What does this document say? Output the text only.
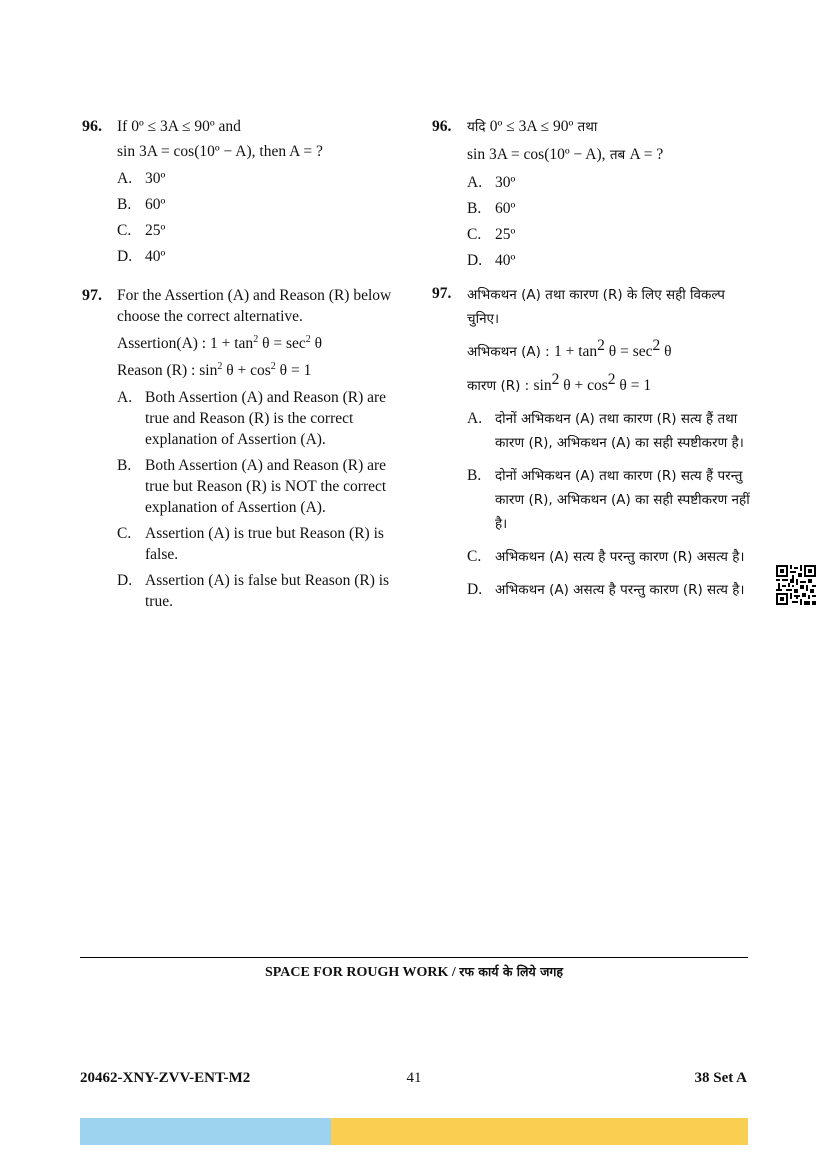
96. If 0º ≤ 3A ≤ 90º and
sin 3A = cos(10º − A), then A = ?
A. 30º
B. 60º
C. 25º
D. 40º
97. For the Assertion (A) and Reason (R) below choose the correct alternative.
Assertion(A) : $1 + \tan^2 \theta = \sec^2 \theta$
Reason (R) : $\sin^2 \theta + \cos^2 \theta = 1$
A. Both Assertion (A) and Reason (R) are true and Reason (R) is the correct explanation of Assertion (A).
B. Both Assertion (A) and Reason (R) are true but Reason (R) is NOT the correct explanation of Assertion (A).
C. Assertion (A) is true but Reason (R) is false.
D. Assertion (A) is false but Reason (R) is true.
96. यदि 0º ≤ 3A ≤ 90º तथा
sin 3A = cos(10º − A), तब A = ?
A. 30º
B. 60º
C. 25º
D. 40º
97. अभिकथन (A) तथा कारण (R) के लिए सही विकल्प चुनिए।
अभिकथन (A) : $1 + \tan^2 \theta = \sec^2 \theta$
कारण (R) : $\sin^2 \theta + \cos^2 \theta = 1$
A. दोनों अभिकथन (A) तथा कारण (R) सत्य हैं तथा कारण (R), अभिकथन (A) का सही स्पष्टीकरण है।
B. दोनों अभिकथन (A) तथा कारण (R) सत्य हैं परन्तु कारण (R), अभिकथन (A) का सही स्पष्टीकरण नहीं है।
C. अभिकथन (A) सत्य है परन्तु कारण (R) असत्य है।
D. अभिकथन (A) असत्य है परन्तु कारण (R) सत्य है।
SPACE FOR ROUGH WORK / रफ कार्य के लिये जगह
20462-XNY-ZVV-ENT-M2	41	38 Set A
